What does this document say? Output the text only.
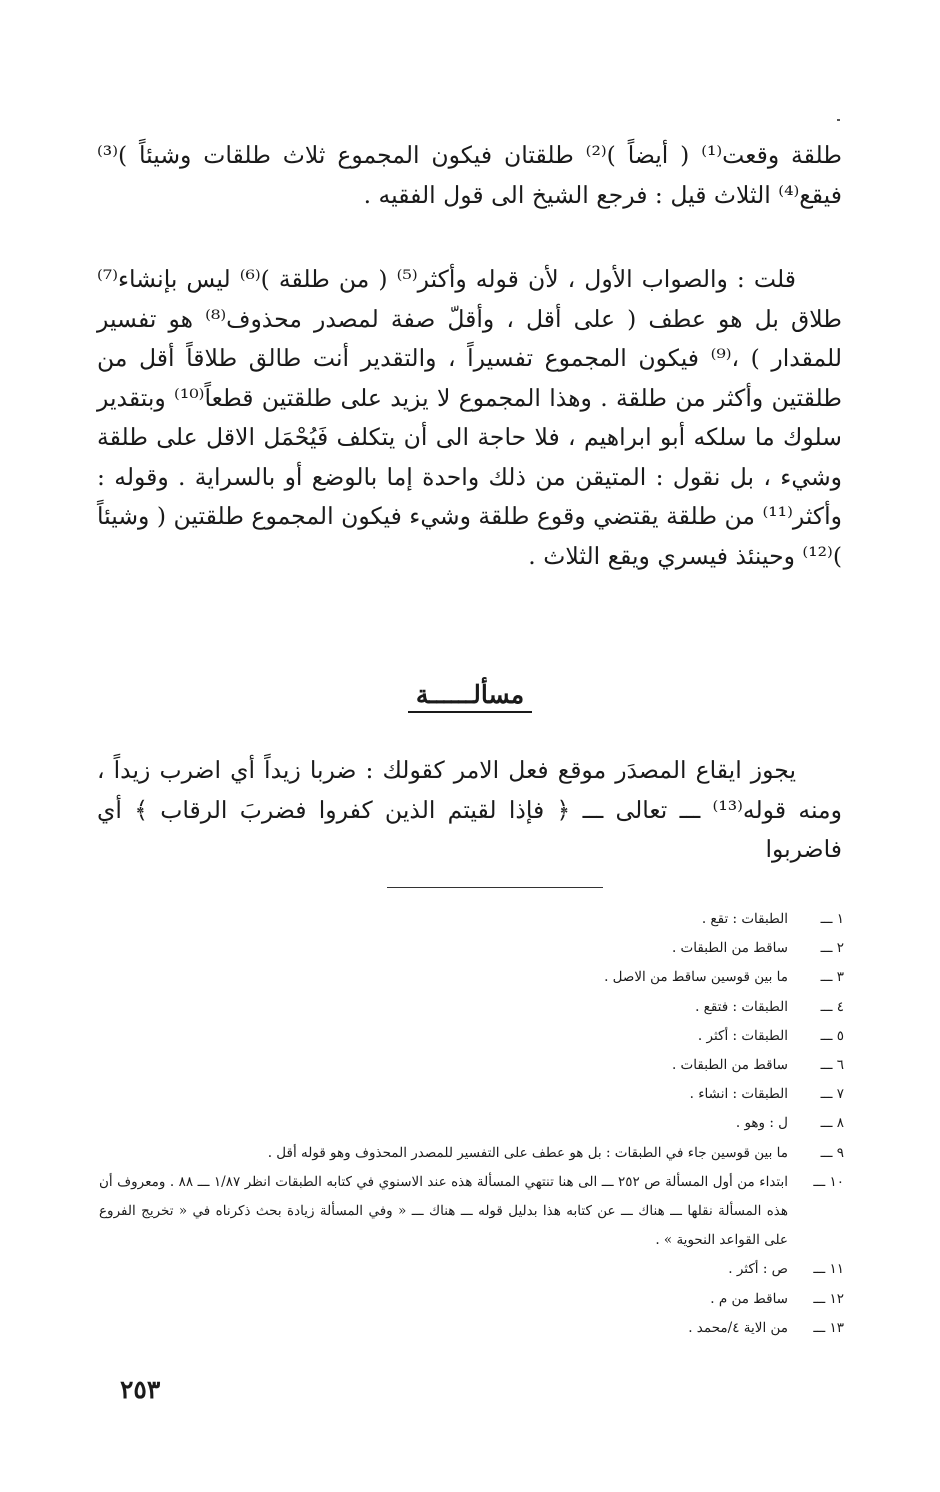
طلقة وقعت⁽¹⁾ ( أيضاً )⁽²⁾ طلقتان فيكون المجموع ثلاث طلقات وشيئاً )⁽³⁾ فيقع⁽⁴⁾ الثلاث قيل : فرجع الشيخ الى قول الفقيه .

قلت : والصواب الأول ، لأن قوله وأكثر⁽⁵⁾ ( من طلقة )⁽⁶⁾ ليس بإنشاء⁽⁷⁾ طلاق بل هو عطف ( على أقل ، وأقلّ صفة لمصدر محذوف⁽⁸⁾ هو تفسير للمقدار ) ،⁽⁹⁾ فيكون المجموع تفسيراً ، والتقدير أنت طالق طلاقاً أقل من طلقتين وأكثر من طلقة . وهذا المجموع لا يزيد على طلقتين قطعاً⁽¹⁰⁾ وبتقدير سلوك ما سلكه أبو ابراهيم ، فلا حاجة الى أن يتكلف فَيُحْمَل الاقل على طلقة وشيء ، بل نقول : المتيقن من ذلك واحدة إما بالوضع أو بالسراية . وقوله : وأكثر⁽¹¹⁾ من طلقة يقتضي وقوع طلقة وشيء فيكون المجموع طلقتين ( وشيئاً )⁽¹²⁾ وحينئذ فيسري ويقع الثلاث .

مسألــــــة

يجوز ايقاع المصدَر موقع فعل الامر كقولك : ضربا زيداً أي اضرب زيداً ، ومنه قوله⁽¹³⁾ ـــ تعالى ـــ ﴿ فإذا لقيتم الذين كفروا فضربَ الرقاب ﴾ أي فاضربوا

١ ـــ
الطبقات : تقع .
٢ ـــ
ساقط من الطبقات .
٣ ـــ
ما بين قوسين ساقط من الاصل .
٤ ـــ
الطبقات : فتقع .
٥ ـــ
الطبقات : أكثر .
٦ ـــ
ساقط من الطبقات .
٧ ـــ
الطبقات : انشاء .
٨ ـــ
ل : وهو .
٩ ـــ
ما بين قوسين جاء في الطبقات : بل هو عطف على التفسير للمصدر المحذوف وهو قوله أقل .
١٠ ـــ
ابتداء من أول المسألة ص ٢٥٢ ـــ الى هنا تنتهي المسألة هذه عند الاسنوي في كتابه الطبقات انظر ١/٨٧ ـــ ٨٨ . ومعروف أن هذه المسألة نقلها ـــ هناك ـــ عن كتابه هذا بدليل قوله ـــ هناك ـــ « وفي المسألة زيادة بحث ذكرناه في « تخريج الفروع على القواعد النحوية » .
١١ ـــ
ص : أكثر .
١٢ ـــ
ساقط من م .
١٣ ـــ
من الاية ٤/محمد .
٢٥٣
